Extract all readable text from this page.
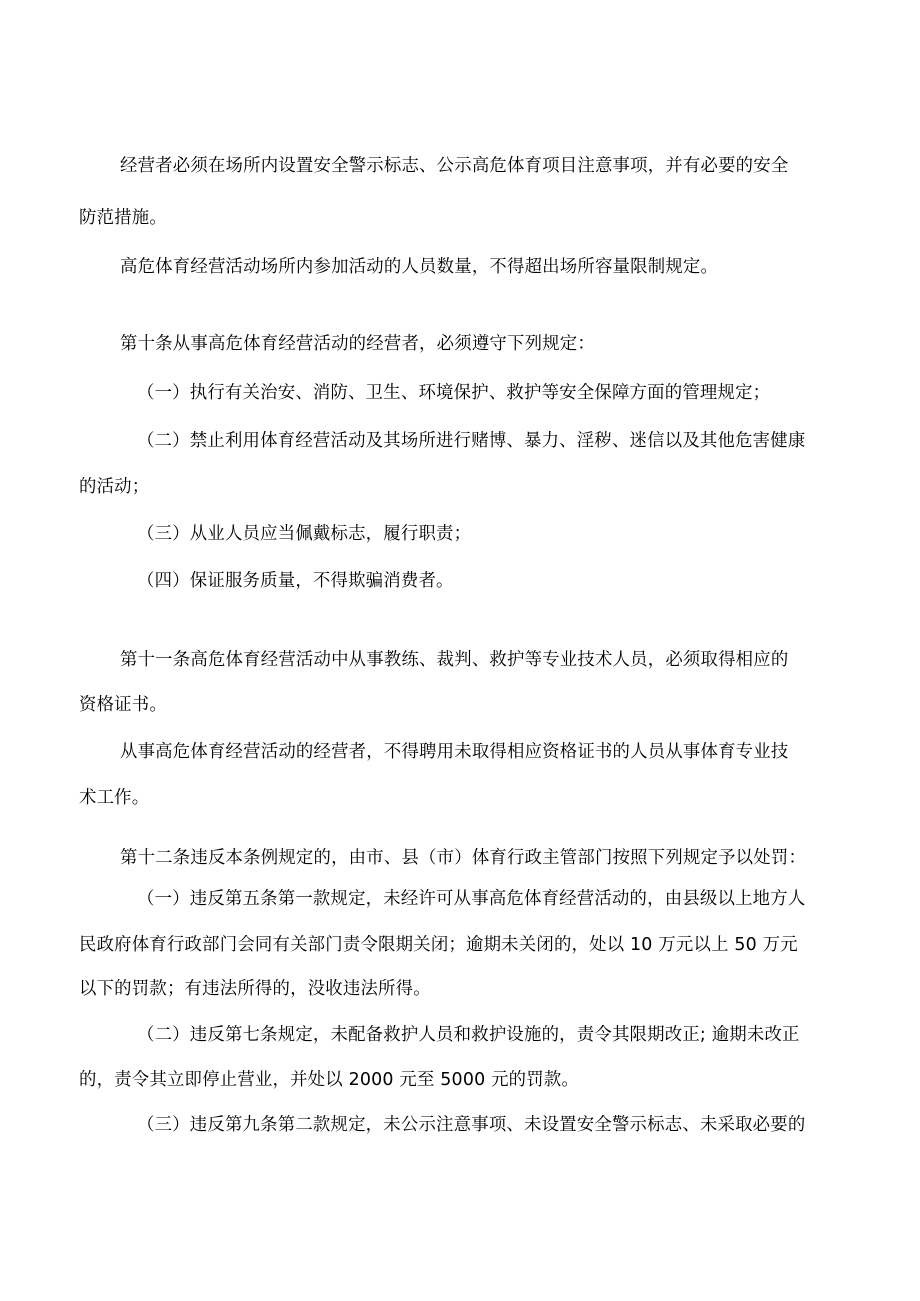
经营者必须在场所内设置安全警示标志、公示高危体育项目注意事项，并有必要的安全
防范措施。
高危体育经营活动场所内参加活动的人员数量，不得超出场所容量限制规定。
第十条从事高危体育经营活动的经营者，必须遵守下列规定：
（一）执行有关治安、消防、卫生、环境保护、救护等安全保障方面的管理规定；
（二）禁止利用体育经营活动及其场所进行赌博、暴力、淫秽、迷信以及其他危害健康
的活动；
（三）从业人员应当佩戴标志，履行职责；
（四）保证服务质量，不得欺骗消费者。
第十一条高危体育经营活动中从事教练、裁判、救护等专业技术人员，必须取得相应的
资格证书。
从事高危体育经营活动的经营者，不得聘用未取得相应资格证书的人员从事体育专业技
术工作。
第十二条违反本条例规定的，由市、县（市）体育行政主管部门按照下列规定予以处罚：
（一）违反第五条第一款规定，未经许可从事高危体育经营活动的，由县级以上地方人
民政府体育行政部门会同有关部门责令限期关闭；逾期未关闭的，处以 10 万元以上 50 万元
以下的罚款；有违法所得的，没收违法所得。
（二）违反第七条规定，未配备救护人员和救护设施的，责令其限期改正; 逾期未改正
的，责令其立即停止营业，并处以 2000 元至 5000 元的罚款。
（三）违反第九条第二款规定，未公示注意事项、未设置安全警示标志、未采取必要的
